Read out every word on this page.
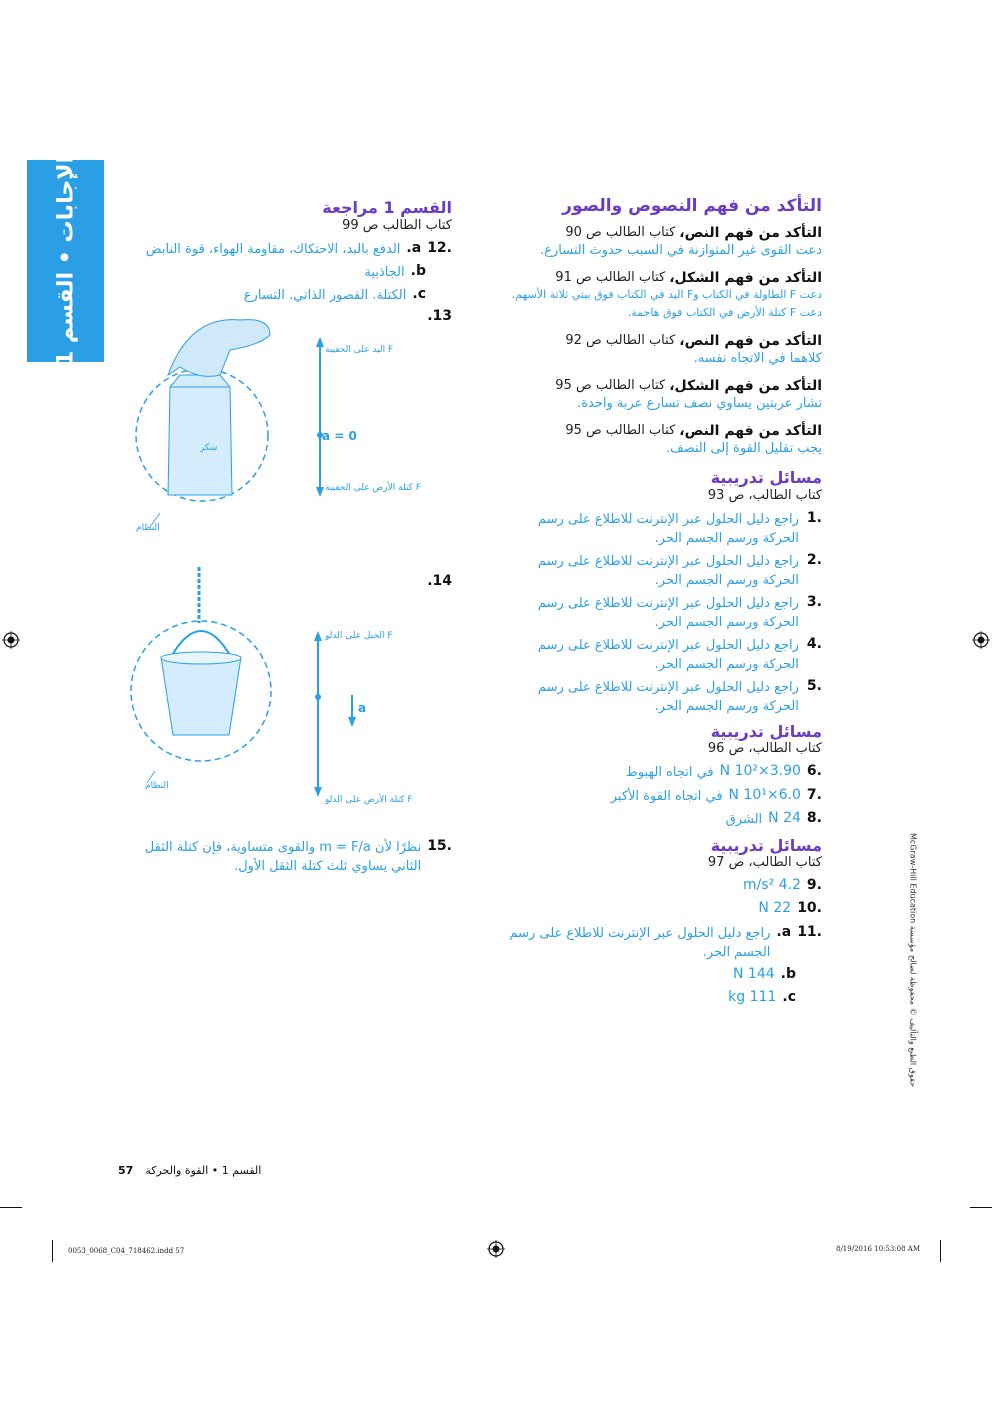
الإجابات • القسم 1	التأكد من فهم النصوص والصور
التأكد من فهم النص،
كتاب الطالب ص 90
دعت القوى غير المتوازنة في السبب حدوث التسارع.
التأكد من فهم الشكل،
كتاب الطالب ص 91
دعت F الطاولة في الكتاب وF اليد في الكتاب فوق بيتي ثلاثة الأسهم.
دعت F كتلة الأرض في الكتاب فوق هاجمة.
التأكد من فهم النص،
كتاب الطالب ص 92
كلاهما في الاتجاه نفسه.
التأكد من فهم الشكل،
كتاب الطالب ص 95
تشار عربتين يساوي نصف تسارع عربة واحدة.
التأكد من فهم النص،
كتاب الطالب ص 95
يجب تقليل القوة إلى النصف.
مسائل تدريبية
كتاب الطالب، ص 93
.1
راجع دليل الحلول عبر الإنترنت للاطلاع على رسم الحركة ورسم الجسم الحر.
.2
راجع دليل الحلول عبر الإنترنت للاطلاع على رسم الحركة ورسم الجسم الحر.
.3
راجع دليل الحلول عبر الإنترنت للاطلاع على رسم الحركة ورسم الجسم الحر.
.4
راجع دليل الحلول عبر الإنترنت للاطلاع على رسم الحركة ورسم الجسم الحر.
.5
راجع دليل الحلول عبر الإنترنت للاطلاع على رسم الحركة ورسم الجسم الحر.
مسائل تدريبية
كتاب الطالب، ص 96
.6
3.90×10² N
في اتجاه الهبوط
.7
6.0×10¹ N
في اتجاه القوة الأكبر
.8
24 N
الشرق
مسائل تدريبية
كتاب الطالب، ص 97
.9
4.2 m/s²
.10
22 N
.11
a.
راجع دليل الحلول عبر الإنترنت للاطلاع على رسم الجسم الحر.
b.
144 N
c.
111 kg
القسم 1 مراجعة
كتاب الطالب ص 99
.12
a.
الدفع بالبد، الاحتكاك، مقاومة الهواء، قوة النابض
b.
الجاذبية
c.
الكتلة. القصور الذاتي. التسارع
.13
F اليد على الحقيبة
a = 0
F كتلة الأرض على الحقيبة
سكر
النظام
.14
F الحبل على الدلو
a
F كتلة الأرض على الدلو
النظام
.15
نظرًا لأن m = F/a والقوى متساوية، فإن كتلة الثقل الثاني يساوي ثلث كتلة الثقل الأول.	حقوق الطبع والتأليف © محفوظة لصالح مؤسسة McGraw-Hill Education
57 القسم 1 • القوة والحركة
0053_0068_C04_718462.indd 57	8/19/2016 10:53:08 AM
